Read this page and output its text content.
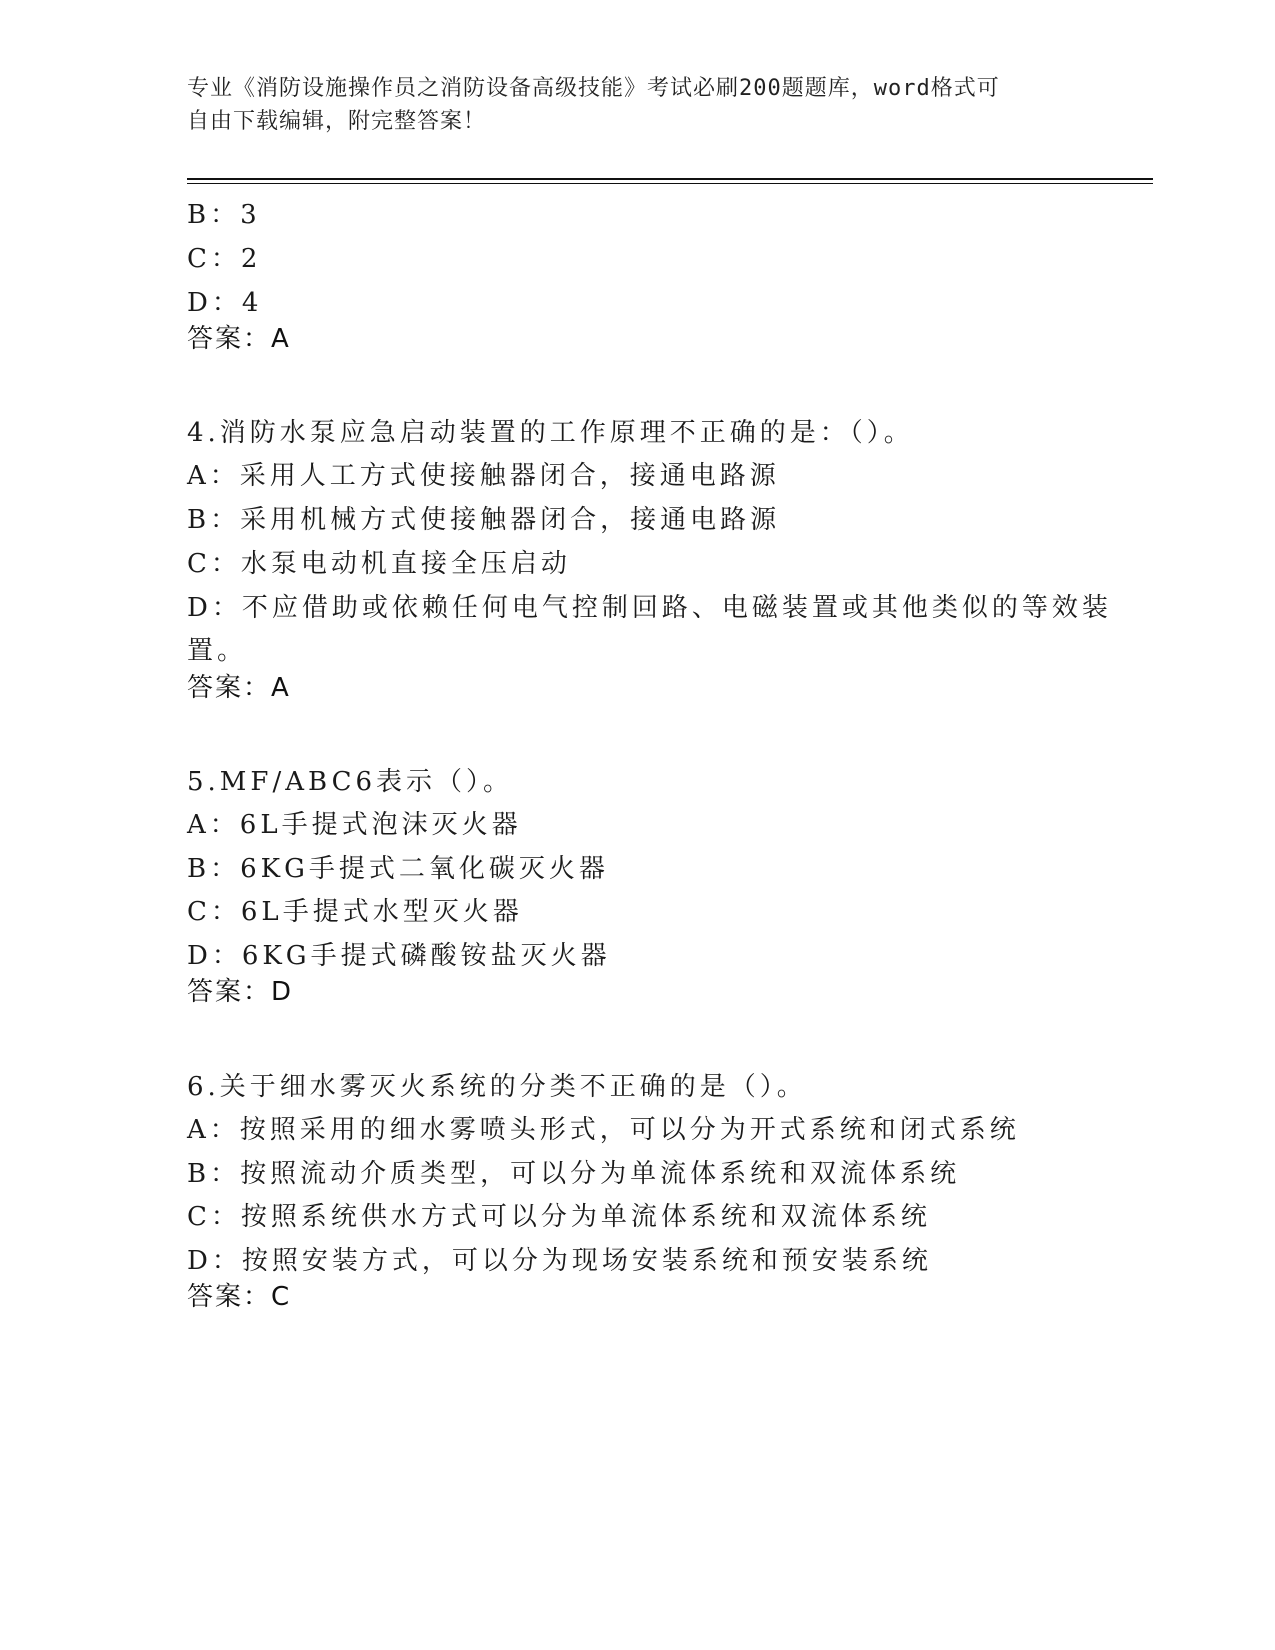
专业《消防设施操作员之消防设备高级技能》考试必刷200题题库，word格式可
自由下载编辑，附完整答案！
B：3
C：2
D：4
答案：A
4.消防水泵应急启动装置的工作原理不正确的是：（）。
A：采用人工方式使接触器闭合，接通电路源
B：采用机械方式使接触器闭合，接通电路源
C：水泵电动机直接全压启动
D：不应借助或依赖任何电气控制回路、电磁装置或其他类似的等效装
置。
答案：A
5.MF/ABC6表示（）。
A：6L手提式泡沫灭火器
B：6KG手提式二氧化碳灭火器
C：6L手提式水型灭火器
D：6KG手提式磷酸铵盐灭火器
答案：D
6.关于细水雾灭火系统的分类不正确的是（）。
A：按照采用的细水雾喷头形式，可以分为开式系统和闭式系统
B：按照流动介质类型，可以分为单流体系统和双流体系统
C：按照系统供水方式可以分为单流体系统和双流体系统
D：按照安装方式，可以分为现场安装系统和预安装系统
答案：C
